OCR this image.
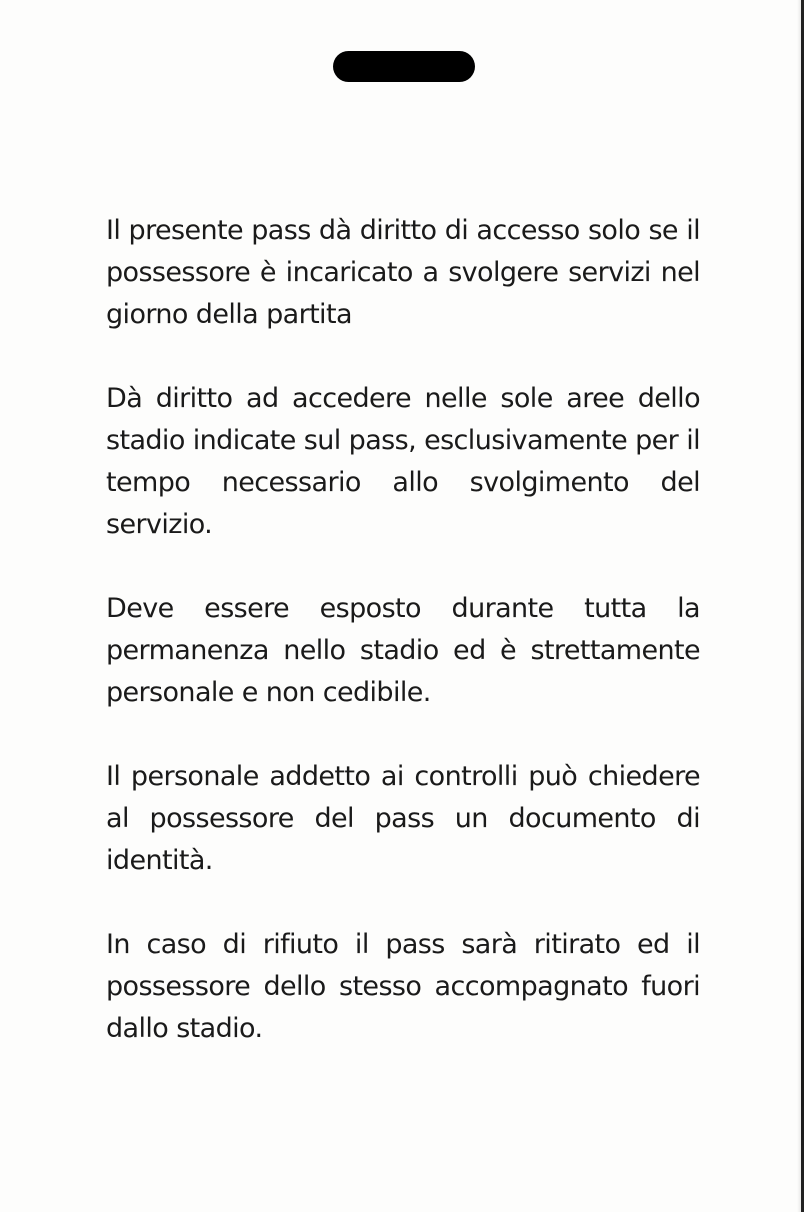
Il presente pass dà diritto di accesso solo se il possessore è incaricato a svolgere servizi nel giorno della partita

Dà diritto ad accedere nelle sole aree dello stadio indicate sul pass, esclusivamente per il tempo necessario allo svolgimento del servizio.

Deve essere esposto durante tutta la permanenza nello stadio ed è strettamente personale e non cedibile.

Il personale addetto ai controlli può chiedere al possessore del pass un documento di identità.

In caso di rifiuto il pass sarà ritirato ed il possessore dello stesso accompagnato fuori dallo stadio.
